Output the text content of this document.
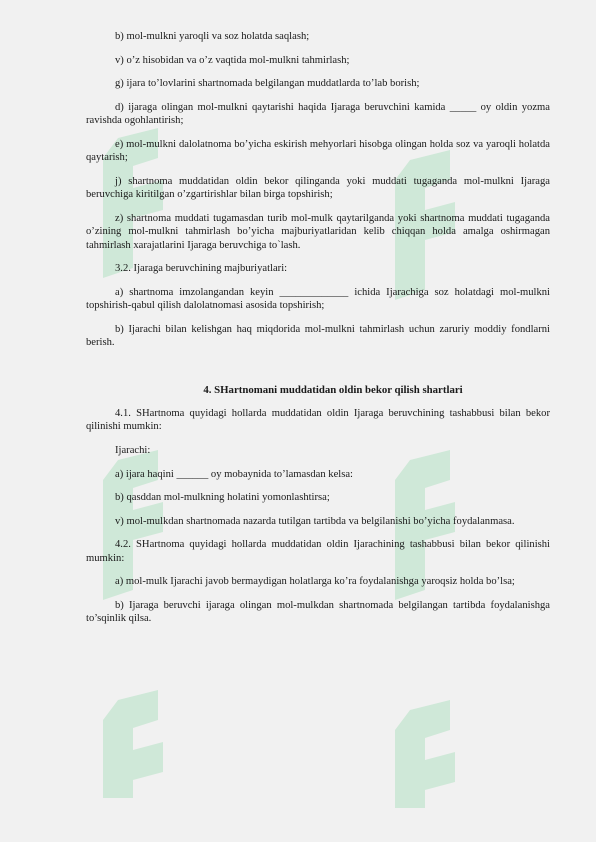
b) mol-mulkni yaroqli va soz holatda saqlash;

v) o’z hisobidan va o’z vaqtida mol-mulkni tahmirlash;

g) ijara to’lovlarini shartnomada belgilangan muddatlarda to’lab borish;

d) ijaraga olingan mol-mulkni qaytarishi haqida Ijaraga beruvchini kamida _____ oy oldin yozma ravishda ogohlantirish;

e) mol-mulkni dalolatnoma bo’yicha eskirish mehyorlari hisobga olingan holda soz va yaroqli holatda qaytarish;

j) shartnoma muddatidan oldin bekor qilinganda yoki muddati tugaganda mol-mulkni Ijaraga beruvchiga kiritilgan o’zgartirishlar bilan birga topshirish;

z) shartnoma muddati tugamasdan turib mol-mulk qaytarilganda yoki shartnoma muddati tugaganda o’zining mol-mulkni tahmirlash bo’yicha majburiyatlaridan kelib chiqqan holda amalga oshirmagan tahmirlash xarajatlarini Ijaraga beruvchiga to`lash.

3.2. Ijaraga beruvchining majburiyatlari:

a) shartnoma imzolangandan keyin _____________ ichida Ijarachiga soz holatdagi mol-mulkni topshirish-qabul qilish dalolatnomasi asosida topshirish;

b) Ijarachi bilan kelishgan haq miqdorida mol-mulkni tahmirlash uchun zaruriy moddiy fondlarni berish.

4. SHartnomani muddatidan oldin bekor qilish shartlari

4.1. SHartnoma quyidagi hollarda muddatidan oldin Ijaraga beruvchining tashabbusi bilan bekor qilinishi mumkin:

Ijarachi:

a) ijara haqini ______ oy mobaynida to’lamasdan kelsa:

b) qasddan mol-mulkning holatini yomonlashtirsa;

v) mol-mulkdan shartnomada nazarda tutilgan tartibda va belgilanishi bo’yicha foydalanmasa.

4.2. SHartnoma quyidagi hollarda muddatidan oldin Ijarachining tashabbusi bilan bekor qilinishi mumkin:

a) mol-mulk Ijarachi javob bermaydigan holatlarga ko’ra foydalanishga yaroqsiz holda bo’lsa;

b) Ijaraga beruvchi ijaraga olingan mol-mulkdan shartnomada belgilangan tartibda foydalanishga to’sqinlik qilsa.
